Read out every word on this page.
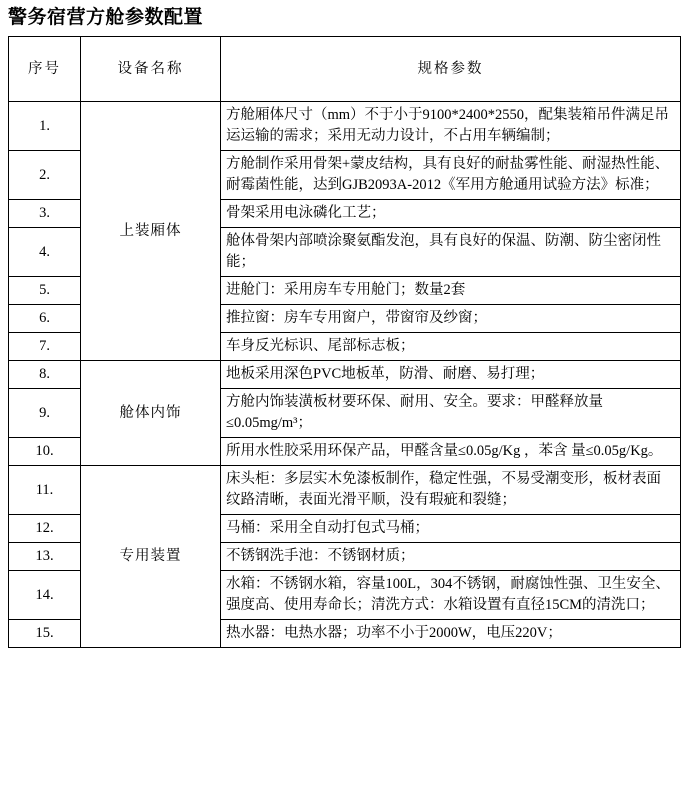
警务宿营方舱参数配置
序号	设备名称	规格参数
1.	上装厢体	方舱厢体尺寸（mm）不于小于9100*2400*2550，配集装箱吊件满足吊运运输的需求；采用无动力设计，不占用车辆编制；
2.		方舱制作采用骨架+蒙皮结构，具有良好的耐盐雾性能、耐湿热性能、耐霉菌性能，达到GJB2093A-2012《军用方舱通用试验方法》标准；
3.		骨架采用电泳磷化工艺；
4.		舱体骨架内部喷涂聚氨酯发泡，具有良好的保温、防潮、防尘密闭性能；
5.		进舱门：采用房车专用舱门；数量2套
6.		推拉窗：房车专用窗户，带窗帘及纱窗；
7.		车身反光标识、尾部标志板；
8.	舱体内饰	地板采用深色PVC地板革，防滑、耐磨、易打理；
9.		方舱内饰装潢板材要环保、耐用、安全。要求：甲醛释放量≤0.05mg/m³；
10.		所用水性胶采用环保产品，甲醛含量≤0.05g/Kg ，苯含 量≤0.05g/Kg。
11.	专用装置	床头柜：多层实木免漆板制作，稳定性强，不易受潮变形，板材表面纹路清晰，表面光滑平顺，没有瑕疵和裂缝；
12.		马桶：采用全自动打包式马桶；
13.		不锈钢洗手池：不锈钢材质；
14.		水箱：不锈钢水箱，容量100L，304不锈钢，耐腐蚀性强、卫生安全、强度高、使用寿命长；清洗方式：水箱设置有直径15CM的清洗口；
15.		热水器：电热水器；功率不小于2000W，电压220V；
